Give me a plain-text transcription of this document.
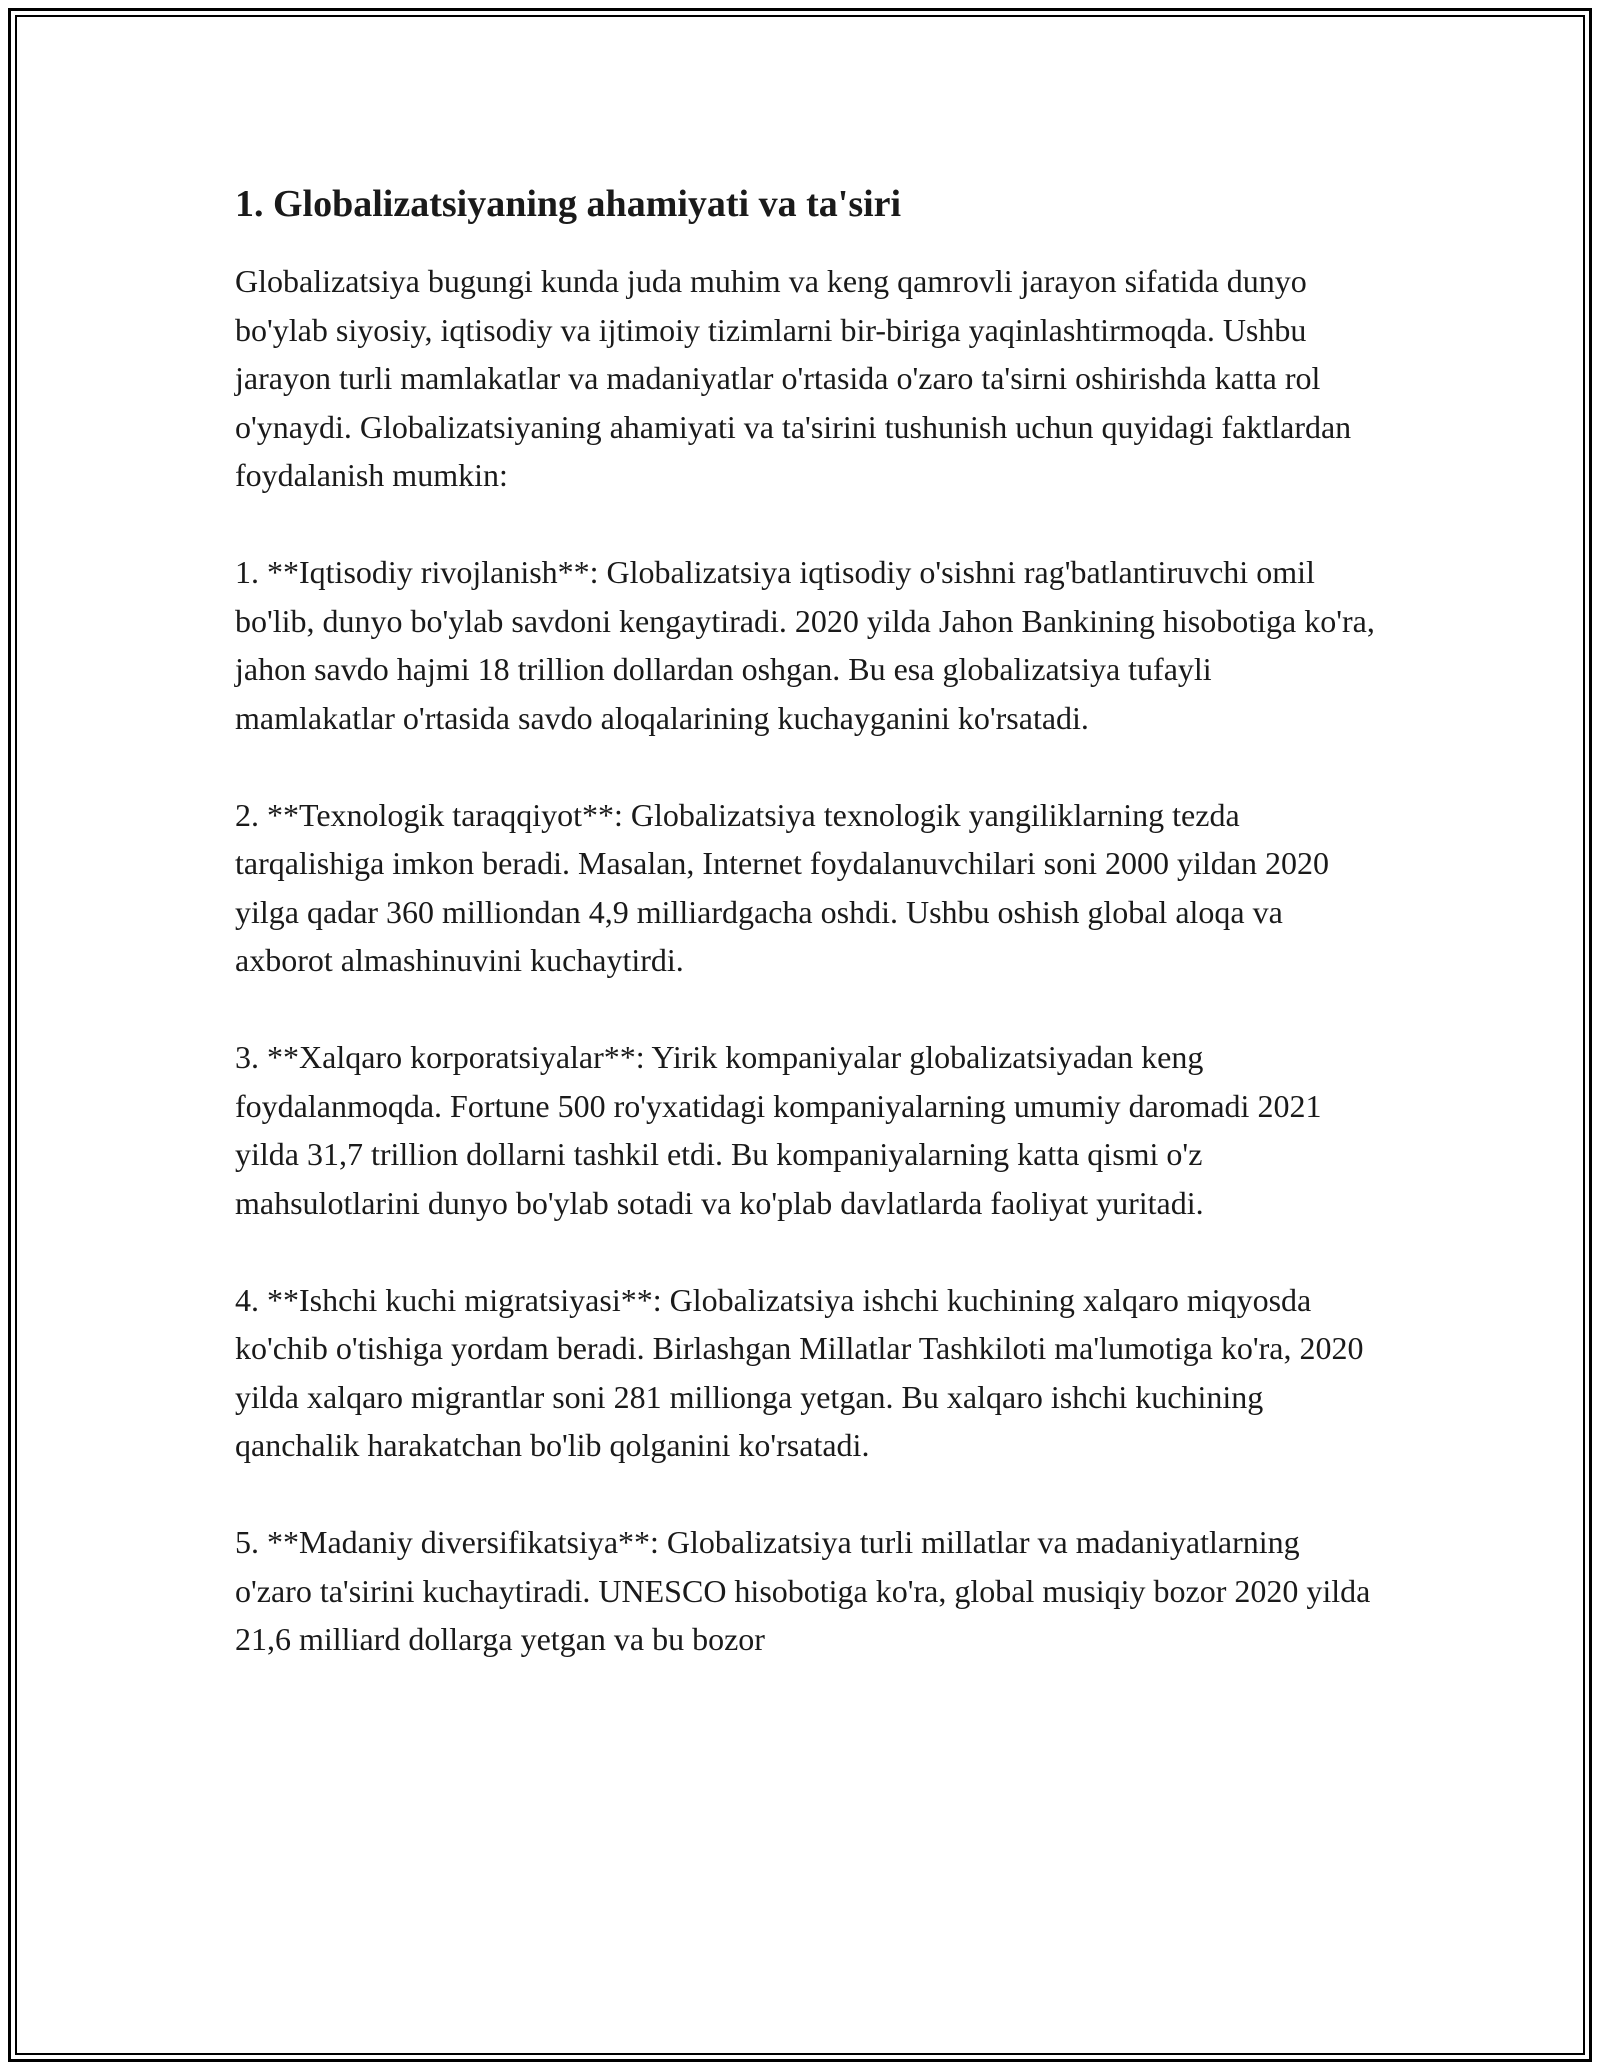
1. Globalizatsiyaning ahamiyati va ta'siri

Globalizatsiya bugungi kunda juda muhim va keng qamrovli jarayon sifatida dunyo bo'ylab siyosiy, iqtisodiy va ijtimoiy tizimlarni bir-biriga yaqinlashtirmoqda. Ushbu jarayon turli mamlakatlar va madaniyatlar o'rtasida o'zaro ta'sirni oshirishda katta rol o'ynaydi. Globalizatsiyaning ahamiyati va ta'sirini tushunish uchun quyidagi faktlardan foydalanish mumkin:

1. **Iqtisodiy rivojlanish**: Globalizatsiya iqtisodiy o'sishni rag'batlantiruvchi omil bo'lib, dunyo bo'ylab savdoni kengaytiradi. 2020 yilda Jahon Bankining hisobotiga ko'ra, jahon savdo hajmi 18 trillion dollardan oshgan. Bu esa globalizatsiya tufayli mamlakatlar o'rtasida savdo aloqalarining kuchayganini ko'rsatadi.

2. **Texnologik taraqqiyot**: Globalizatsiya texnologik yangiliklarning tezda tarqalishiga imkon beradi. Masalan, Internet foydalanuvchilari soni 2000 yildan 2020 yilga qadar 360 milliondan 4,9 milliardgacha oshdi. Ushbu oshish global aloqa va axborot almashinuvini kuchaytirdi.

3. **Xalqaro korporatsiyalar**: Yirik kompaniyalar globalizatsiyadan keng foydalanmoqda. Fortune 500 ro'yxatidagi kompaniyalarning umumiy daromadi 2021 yilda 31,7 trillion dollarni tashkil etdi. Bu kompaniyalarning katta qismi o'z mahsulotlarini dunyo bo'ylab sotadi va ko'plab davlatlarda faoliyat yuritadi.

4. **Ishchi kuchi migratsiyasi**: Globalizatsiya ishchi kuchining xalqaro miqyosda ko'chib o'tishiga yordam beradi. Birlashgan Millatlar Tashkiloti ma'lumotiga ko'ra, 2020 yilda xalqaro migrantlar soni 281 millionga yetgan. Bu xalqaro ishchi kuchining qanchalik harakatchan bo'lib qolganini ko'rsatadi.

5. **Madaniy diversifikatsiya**: Globalizatsiya turli millatlar va madaniyatlarning o'zaro ta'sirini kuchaytiradi. UNESCO hisobotiga ko'ra, global musiqiy bozor 2020 yilda 21,6 milliard dollarga yetgan va bu bozor
